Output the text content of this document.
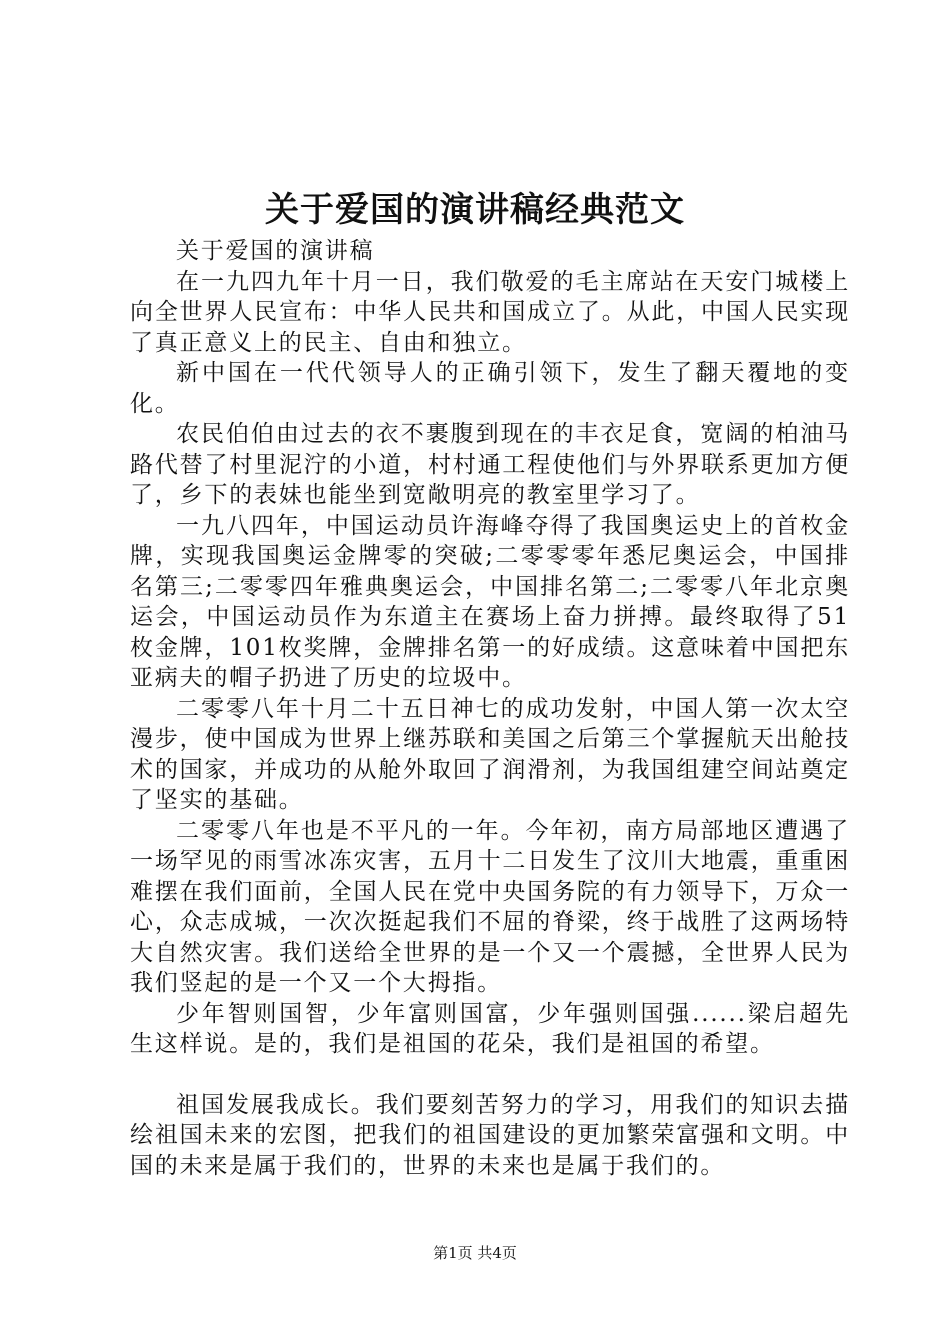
关于爱国的演讲稿经典范文

关于爱国的演讲稿

在一九四九年十月一日，我们敬爱的毛主席站在天安门城楼上向全世界人民宣布：中华人民共和国成立了。从此，中国人民实现了真正意义上的民主、自由和独立。

新中国在一代代领导人的正确引领下，发生了翻天覆地的变化。

农民伯伯由过去的衣不裹腹到现在的丰衣足食，宽阔的柏油马路代替了村里泥泞的小道，村村通工程使他们与外界联系更加方便了，乡下的表妹也能坐到宽敞明亮的教室里学习了。

一九八四年，中国运动员许海峰夺得了我国奥运史上的首枚金牌，实现我国奥运金牌零的突破;二零零零年悉尼奥运会，中国排名第三;二零零四年雅典奥运会，中国排名第二;二零零八年北京奥运会，中国运动员作为东道主在赛场上奋力拼搏。最终取得了51枚金牌，101枚奖牌，金牌排名第一的好成绩。这意味着中国把东亚病夫的帽子扔进了历史的垃圾中。

二零零八年十月二十五日神七的成功发射，中国人第一次太空漫步，使中国成为世界上继苏联和美国之后第三个掌握航天出舱技术的国家，并成功的从舱外取回了润滑剂，为我国组建空间站奠定了坚实的基础。

二零零八年也是不平凡的一年。今年初，南方局部地区遭遇了一场罕见的雨雪冰冻灾害，五月十二日发生了汶川大地震，重重困难摆在我们面前，全国人民在党中央国务院的有力领导下，万众一心，众志成城，一次次挺起我们不屈的脊梁，终于战胜了这两场特大自然灾害。我们送给全世界的是一个又一个震撼，全世界人民为我们竖起的是一个又一个大拇指。

少年智则国智，少年富则国富，少年强则国强......梁启超先生这样说。是的，我们是祖国的花朵，我们是祖国的希望。

祖国发展我成长。我们要刻苦努力的学习，用我们的知识去描绘祖国未来的宏图，把我们的祖国建设的更加繁荣富强和文明。中国的未来是属于我们的，世界的未来也是属于我们的。

第1页 共4页
